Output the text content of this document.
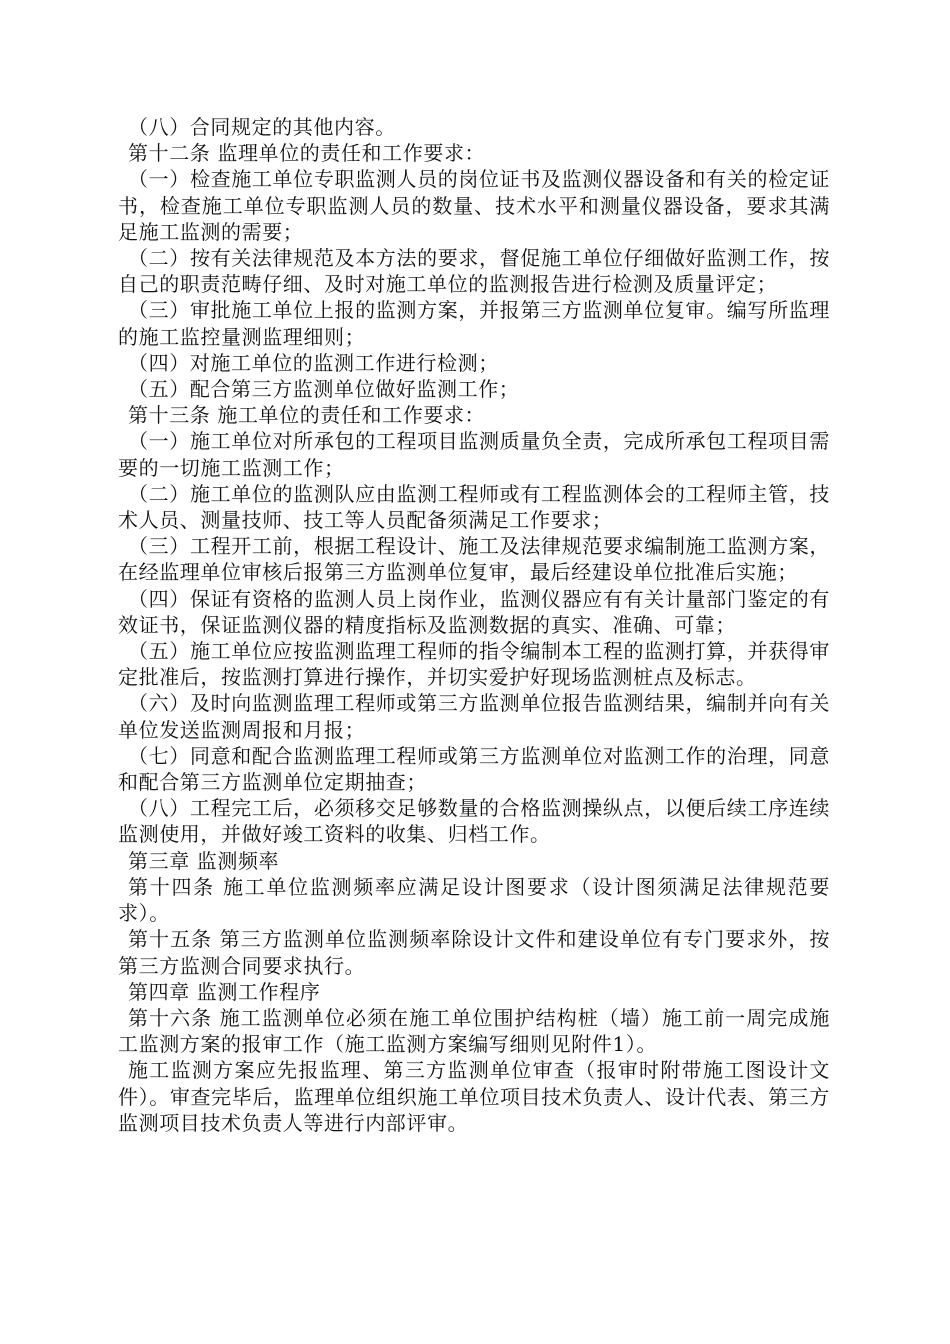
（八）合同规定的其他内容。

第十二条 监理单位的责任和工作要求：

（一）检查施工单位专职监测人员的岗位证书及监测仪器设备和有关的检定证书，检查施工单位专职监测人员的数量、技术水平和测量仪器设备，要求其满足施工监测的需要；

（二）按有关法律规范及本方法的要求，督促施工单位仔细做好监测工作，按自己的职责范畴仔细、及时对施工单位的监测报告进行检测及质量评定；

（三）审批施工单位上报的监测方案，并报第三方监测单位复审。编写所监理的施工监控量测监理细则；

（四）对施工单位的监测工作进行检测；

（五）配合第三方监测单位做好监测工作；

第十三条 施工单位的责任和工作要求：

（一）施工单位对所承包的工程项目监测质量负全责，完成所承包工程项目需要的一切施工监测工作；

（二）施工单位的监测队应由监测工程师或有工程监测体会的工程师主管，技术人员、测量技师、技工等人员配备须满足工作要求；

（三）工程开工前，根据工程设计、施工及法律规范要求编制施工监测方案，在经监理单位审核后报第三方监测单位复审，最后经建设单位批准后实施；

（四）保证有资格的监测人员上岗作业，监测仪器应有有关计量部门鉴定的有效证书，保证监测仪器的精度指标及监测数据的真实、准确、可靠；

（五）施工单位应按监测监理工程师的指令编制本工程的监测打算，并获得审定批准后，按监测打算进行操作，并切实爱护好现场监测桩点及标志。

（六）及时向监测监理工程师或第三方监测单位报告监测结果，编制并向有关单位发送监测周报和月报；

（七）同意和配合监测监理工程师或第三方监测单位对监测工作的治理，同意和配合第三方监测单位定期抽查；

（八）工程完工后，必须移交足够数量的合格监测操纵点，以便后续工序连续监测使用，并做好竣工资料的收集、归档工作。

第三章 监测频率

第十四条 施工单位监测频率应满足设计图要求（设计图须满足法律规范要求）。

第十五条 第三方监测单位监测频率除设计文件和建设单位有专门要求外，按第三方监测合同要求执行。

第四章 监测工作程序

第十六条 施工监测单位必须在施工单位围护结构桩（墙）施工前一周完成施工监测方案的报审工作（施工监测方案编写细则见附件1）。

施工监测方案应先报监理、第三方监测单位审查（报审时附带施工图设计文件）。审查完毕后，监理单位组织施工单位项目技术负责人、设计代表、第三方监测项目技术负责人等进行内部评审。
